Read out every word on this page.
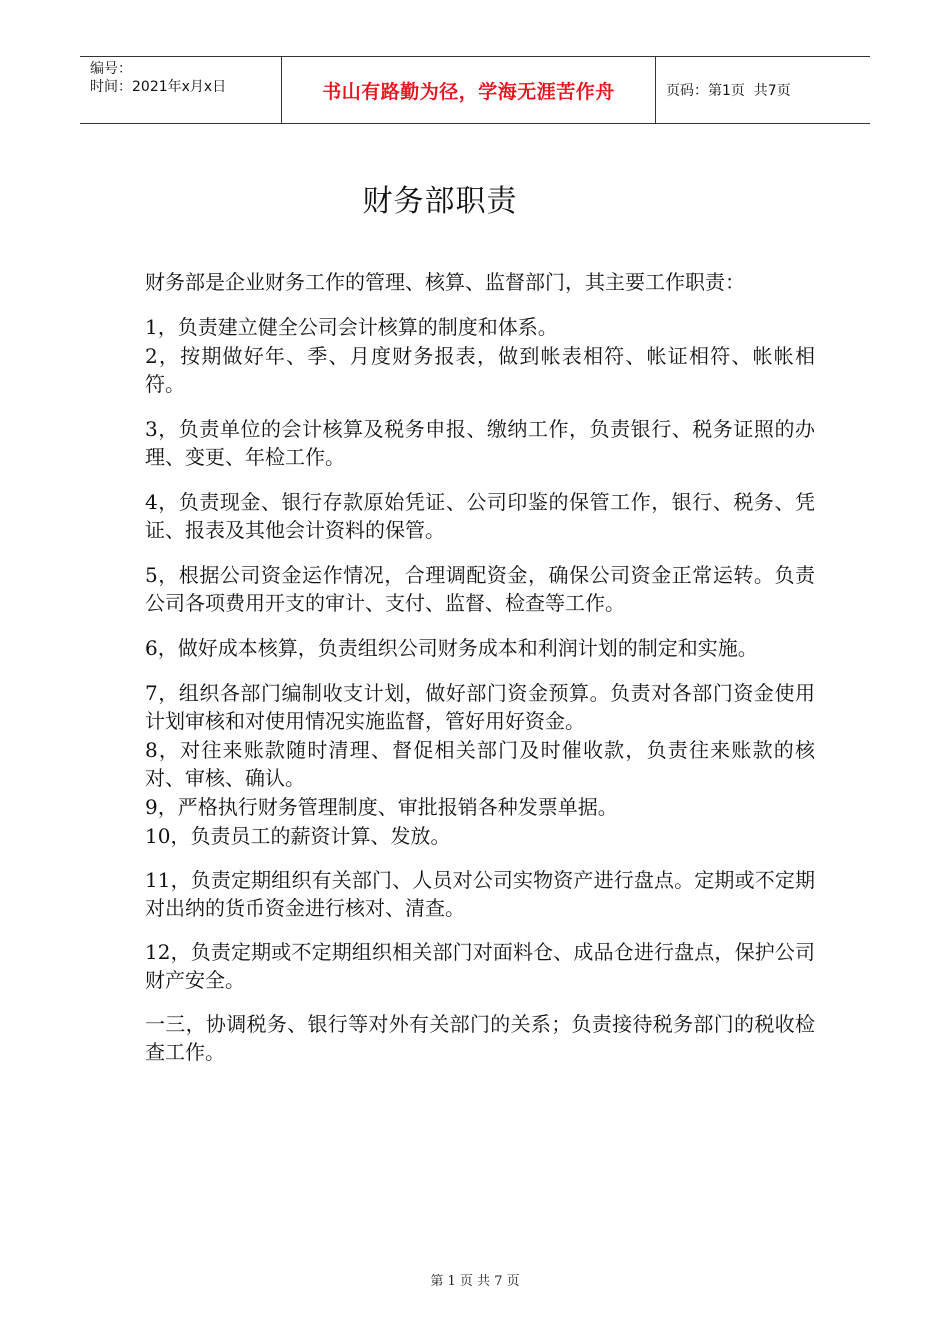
编号：
时间：2021年x月x日	书山有路勤为径，学海无涯苦作舟	页码：第1页  共7页
财务部职责

财务部是企业财务工作的管理、核算、监督部门，其主要工作职责：

1，负责建立健全公司会计核算的制度和体系。

2，按期做好年、季、月度财务报表，做到帐表相符、帐证相符、帐帐相符。

3，负责单位的会计核算及税务申报、缴纳工作，负责银行、税务证照的办理、变更、年检工作。

4，负责现金、银行存款原始凭证、公司印鉴的保管工作，银行、税务、凭证、报表及其他会计资料的保管。

5，根据公司资金运作情况，合理调配资金，确保公司资金正常运转。负责公司各项费用开支的审计、支付、监督、检查等工作。

6，做好成本核算，负责组织公司财务成本和利润计划的制定和实施。

7，组织各部门编制收支计划，做好部门资金预算。负责对各部门资金使用计划审核和对使用情况实施监督，管好用好资金。

8，对往来账款随时清理、督促相关部门及时催收款，负责往来账款的核对、审核、确认。

9，严格执行财务管理制度、审批报销各种发票单据。

10，负责员工的薪资计算、发放。

11，负责定期组织有关部门、人员对公司实物资产进行盘点。定期或不定期对出纳的货币资金进行核对、清查。

12，负责定期或不定期组织相关部门对面料仓、成品仓进行盘点，保护公司财产安全。

一三，协调税务、银行等对外有关部门的关系；负责接待税务部门的税收检查工作。

第 1 页 共 7 页
